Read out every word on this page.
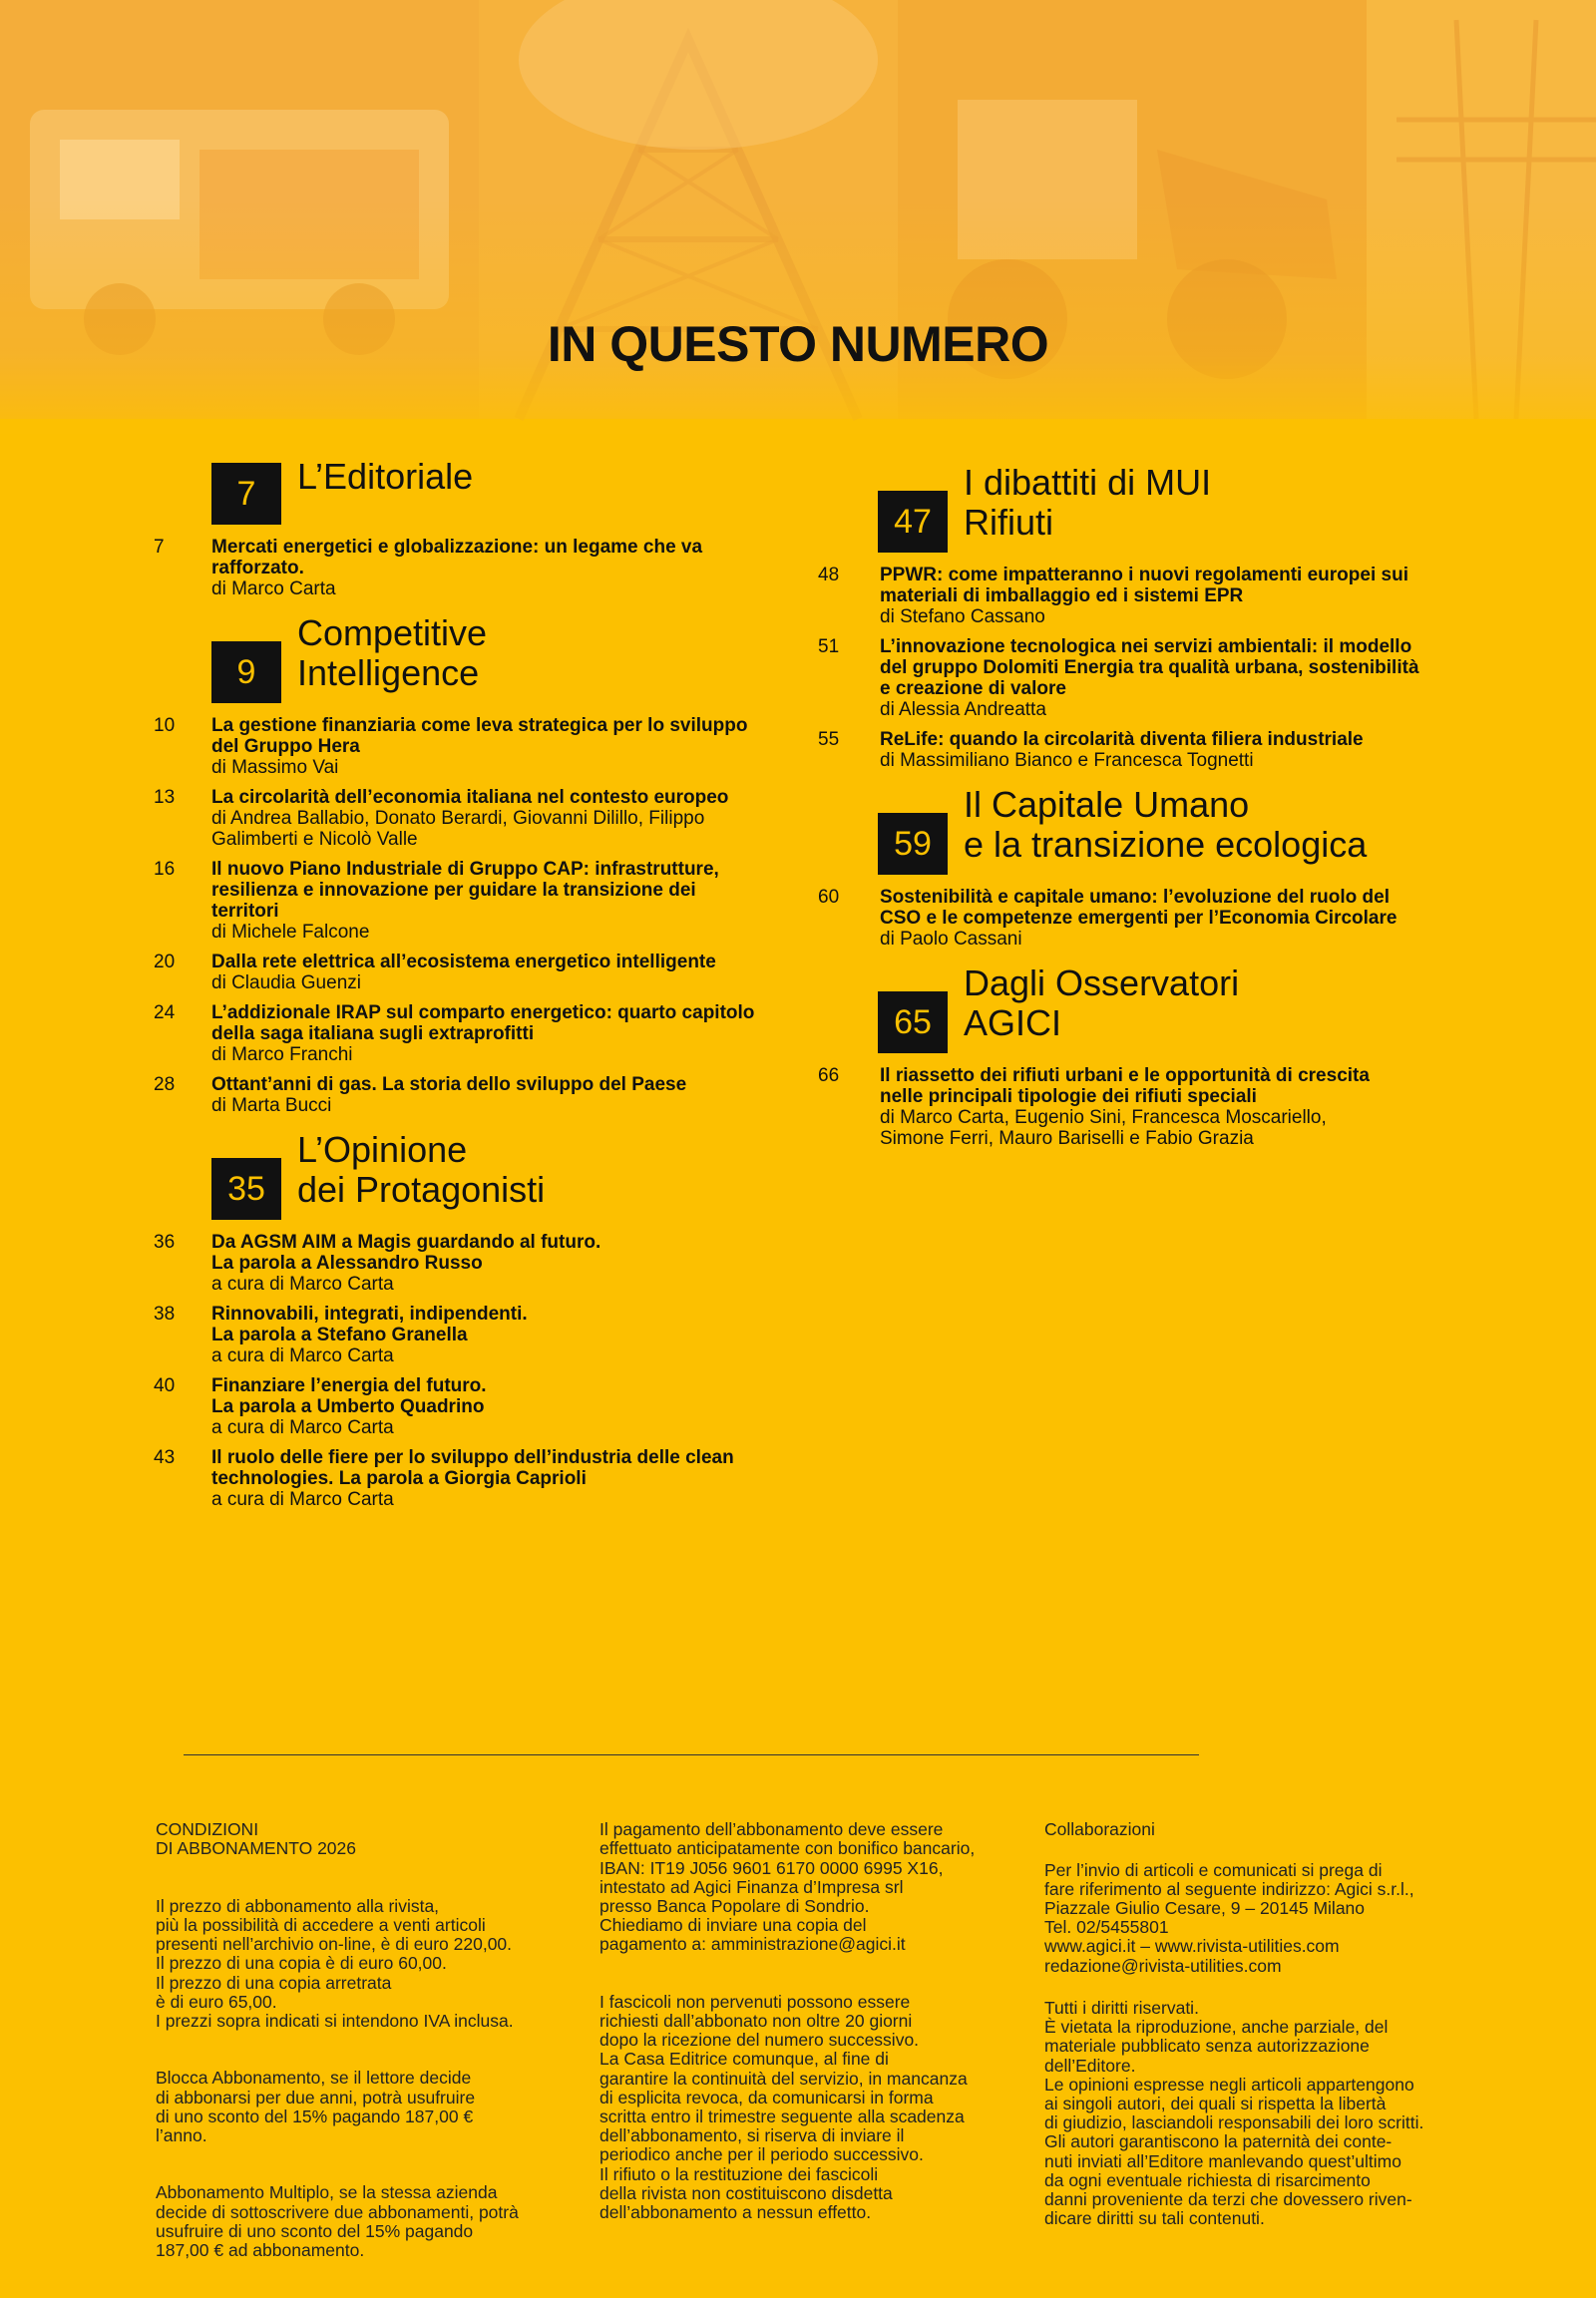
IN QUESTO NUMERO
7	L’Editoriale
7 Mercati energetici e globalizzazione: un legame che va
rafforzato.
di Marco Carta
9
Competitive
Intelligence
10 La gestione finanziaria come leva strategica per lo sviluppo
del Gruppo Hera
di Massimo Vai
13 La circolarità dell’economia italiana nel contesto europeo
di Andrea Ballabio, Donato Berardi, Giovanni Dilillo, Filippo
Galimberti e Nicolò Valle
16 Il nuovo Piano Industriale di Gruppo CAP: infrastrutture,
resilienza e innovazione per guidare la transizione dei
territori
di Michele Falcone
20 Dalla rete elettrica all’ecosistema energetico intelligente
di Claudia Guenzi
24 L’addizionale IRAP sul comparto energetico: quarto capitolo
della saga italiana sugli extraprofitti
di Marco Franchi
28 Ottant’anni di gas. La storia dello sviluppo del Paese
di Marta Bucci
35
L’Opinione
dei Protagonisti
36 Da AGSM AIM a Magis guardando al futuro.
La parola a Alessandro Russo
a cura di Marco Carta
38 Rinnovabili, integrati, indipendenti.
La parola a Stefano Granella
a cura di Marco Carta
40 Finanziare l’energia del futuro.
La parola a Umberto Quadrino
a cura di Marco Carta
43 Il ruolo delle fiere per lo sviluppo dell’industria delle clean
technologies. La parola a Giorgia Caprioli
a cura di Marco Carta
47
I dibattiti di MUI
Rifiuti
48 PPWR: come impatteranno i nuovi regolamenti europei sui
materiali di imballaggio ed i sistemi EPR
di Stefano Cassano
51 L’innovazione tecnologica nei servizi ambientali: il modello
del gruppo Dolomiti Energia tra qualità urbana, sostenibilità
e creazione di valore
di Alessia Andreatta
55 ReLife: quando la circolarità diventa filiera industriale
di Massimiliano Bianco e Francesca Tognetti
59
Il Capitale Umano
e la transizione ecologica
60 Sostenibilità e capitale umano: l’evoluzione del ruolo del
CSO e le competenze emergenti per l’Economia Circolare
di Paolo Cassani
65
Dagli Osservatori
AGICI
66 Il riassetto dei rifiuti urbani e le opportunità di crescita
nelle principali tipologie dei rifiuti speciali
di Marco Carta, Eugenio Sini, Francesca Moscariello,
Simone Ferri, Mauro Bariselli e Fabio Grazia

CONDIZIONI
DI ABBONAMENTO 2026

Il prezzo di abbonamento alla rivista,
più la possibilità di accedere a venti articoli
presenti nell’archivio on-line, è di euro 220,00.
Il prezzo di una copia è di euro 60,00.
Il prezzo di una copia arretrata
è di euro 65,00.
I prezzi sopra indicati si intendono IVA inclusa.

Blocca Abbonamento, se il lettore decide
di abbonarsi per due anni, potrà usufruire
di uno sconto del 15% pagando 187,00 €
l’anno.

Abbonamento Multiplo, se la stessa azienda
decide di sottoscrivere due abbonamenti, potrà
usufruire di uno sconto del 15% pagando
187,00 € ad abbonamento.

Il pagamento dell’abbonamento deve essere
effettuato anticipatamente con bonifico bancario,
IBAN: IT19 J056 9601 6170 0000 6995 X16,
intestato ad Agici Finanza d’Impresa srl
presso Banca Popolare di Sondrio.
Chiediamo di inviare una copia del
pagamento a: amministrazione@agici.it

I fascicoli non pervenuti possono essere
richiesti dall’abbonato non oltre 20 giorni
dopo la ricezione del numero successivo.
La Casa Editrice comunque, al fine di
garantire la continuità del servizio, in mancanza
di esplicita revoca, da comunicarsi in forma
scritta entro il trimestre seguente alla scadenza
dell’abbonamento, si riserva di inviare il
periodico anche per il periodo successivo.
Il rifiuto o la restituzione dei fascicoli
della rivista non costituiscono disdetta
dell’abbonamento a nessun effetto.

Collaborazioni

Per l’invio di articoli e comunicati si prega di
fare riferimento al seguente indirizzo: Agici s.r.l.,
Piazzale Giulio Cesare, 9 – 20145 Milano
Tel. 02/5455801
www.agici.it – www.rivista-utilities.com
redazione@rivista-utilities.com

Tutti i diritti riservati.
È vietata la riproduzione, anche parziale, del
materiale pubblicato senza autorizzazione
dell’Editore.
Le opinioni espresse negli articoli appartengono
ai singoli autori, dei quali si rispetta la libertà
di giudizio, lasciandoli responsabili dei loro scritti.
Gli autori garantiscono la paternità dei conte-
nuti inviati all’Editore manlevando quest’ultimo
da ogni eventuale richiesta di risarcimento
danni proveniente da terzi che dovessero riven-
dicare diritti su tali contenuti.
